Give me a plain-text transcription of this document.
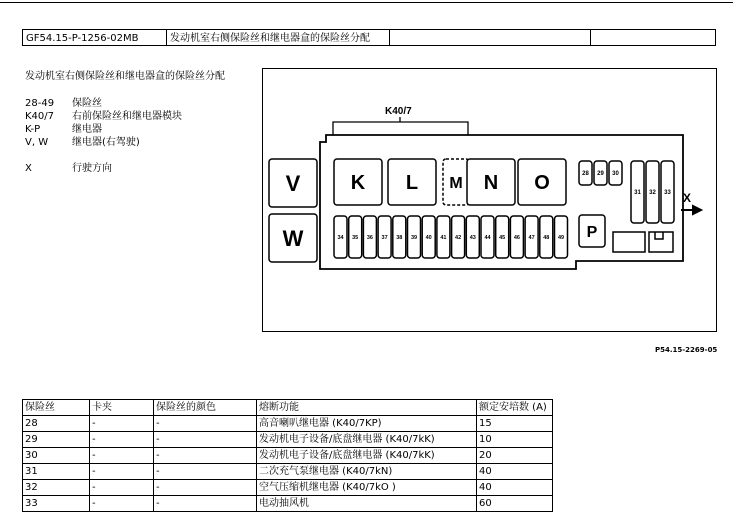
GF54.15-P-1256-02MB	发动机室右侧保险丝和继电器盒的保险丝分配
发动机室右侧保险丝和继电器盒的保险丝分配
28-49	保险丝
K40/7	右前保险丝和继电器模块
K-P	继电器
V, W	继电器(右驾驶)
X	行驶方向
K40/7
V
W
K L M N O	28 29 30
31 32 33
34 35 36 37 38 39 40 41 42 43 44 45 46 47 48 49 P
X
P54.15-2269-05
保险丝	卡夹	保险丝的颜色	熔断功能	额定安培数 (A)
28	-	-	高音喇叭继电器 (K40/7KP)	15
29	-	-	发动机电子设备/底盘继电器 (K40/7kK)	10
30	-	-	发动机电子设备/底盘继电器 (K40/7kK)	20
31	-	-	二次充气泵继电器 (K40/7kN)	40
32	-	-	空气压缩机继电器 (K40/7kO )	40
33	-	-	电动抽风机	60
